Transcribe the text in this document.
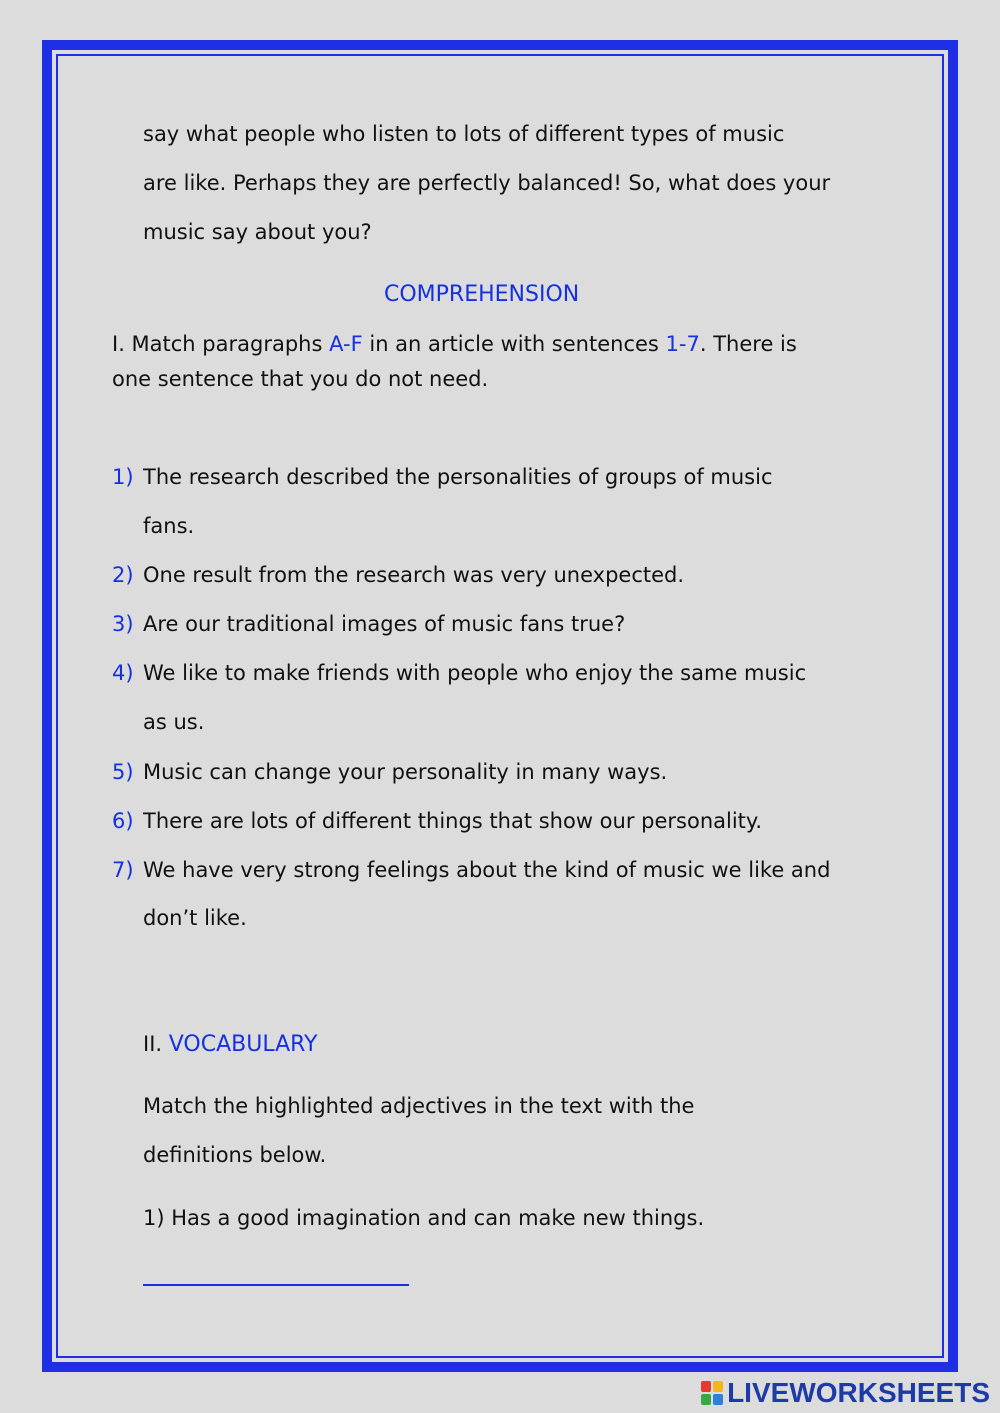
say what people who listen to lots of different types of music
are like. Perhaps they are perfectly balanced! So, what does your
music say about you?
COMPREHENSION
I. Match paragraphs A-F in an article with sentences 1-7. There is
one sentence that you do not need.
1) The research described the personalities of groups of music
fans.
2) One result from the research was very unexpected.
3) Are our traditional images of music fans true?
4) We like to make friends with people who enjoy the same music
as us.
5) Music can change your personality in many ways.
6) There are lots of different things that show our personality.
7) We have very strong feelings about the kind of music we like and
don’t like.
II. VOCABULARY
Match the highlighted adjectives in the text with the
definitions below.
1) Has a good imagination and can make new things.
LIVEWORKSHEETS
